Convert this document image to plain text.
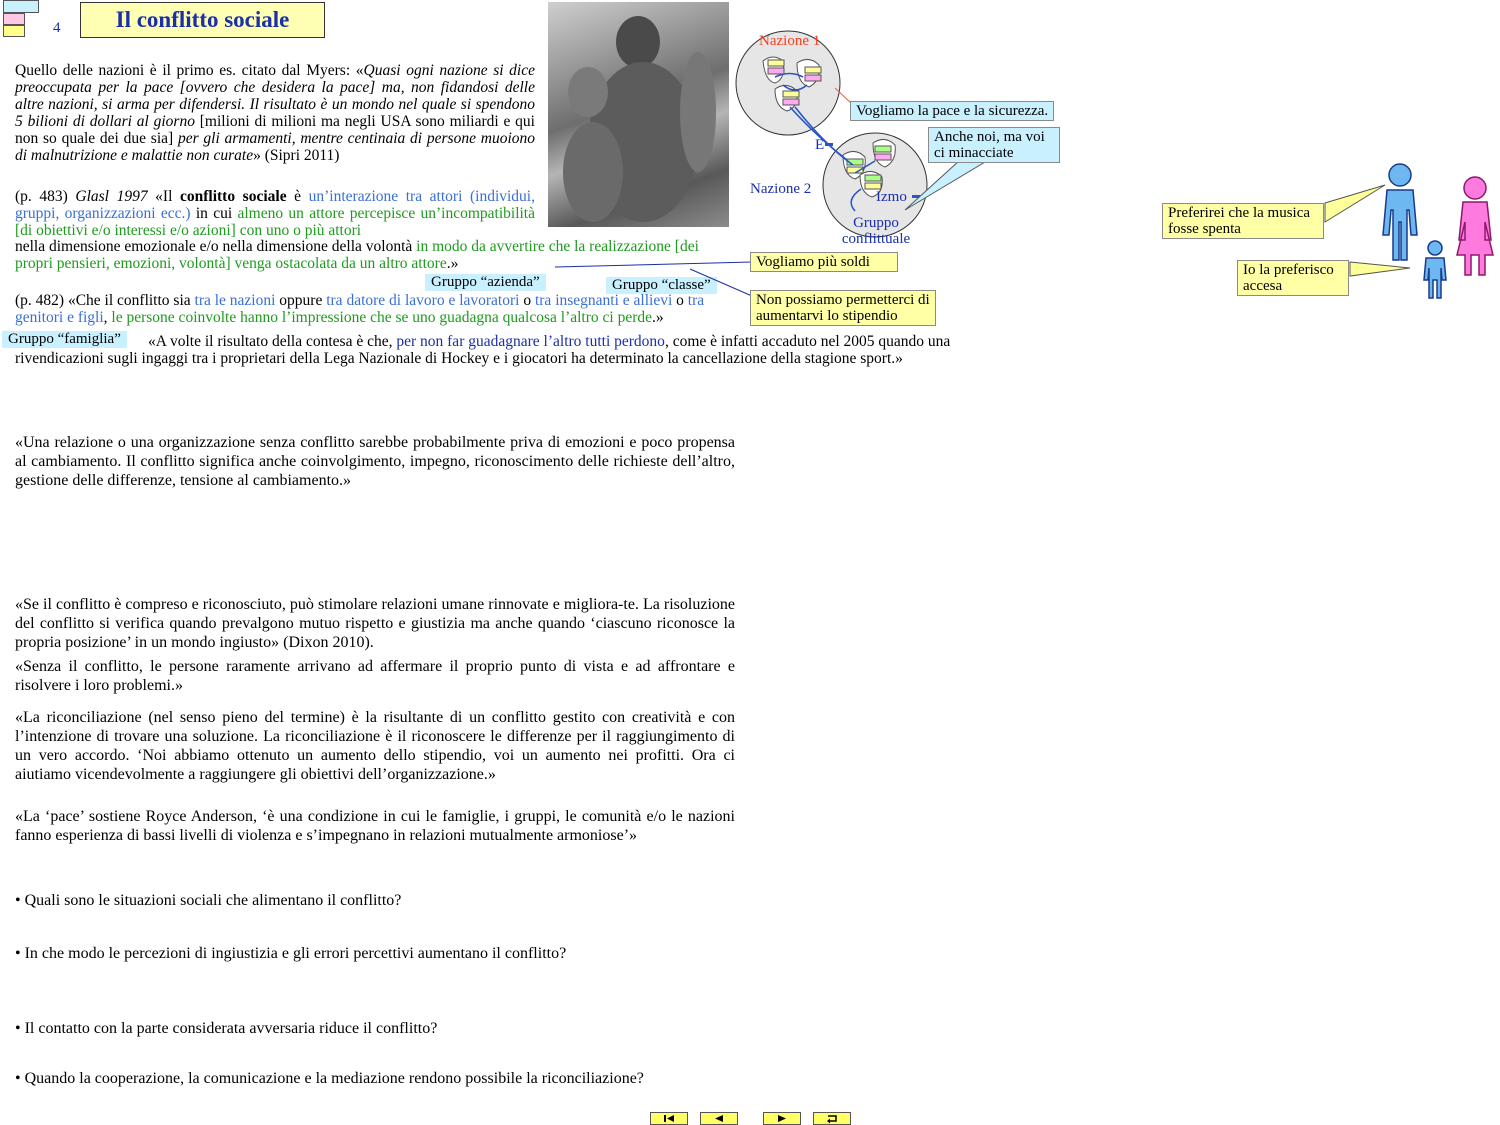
4	Il conflitto sociale
Quello delle nazioni è il primo es. citato dal Myers: «Quasi ogni nazione si dice preoccupata per la pace [ovvero che desidera la pace] ma, non fidandosi delle altre nazioni, si arma per difendersi. Il risultato è un mondo nel quale si spendono 5 bilioni di dollari al giorno [milioni di milioni ma negli USA sono miliardi e qui non so quale dei due sia] per gli armamenti, mentre centinaia di persone muoiono di malnutrizione e malattie non curate» (Sipri 2011)
(p. 483) Glasl 1997 «Il conflitto sociale è un’interazione tra attori (individui, gruppi, organizzazioni ecc.) in cui almeno un attore percepisce un’incompatibilità [di obiettivi e/o interessi e/o azioni] con uno o più attori
nella dimensione emozionale e/o nella dimensione della volontà in modo da avvertire che la realizzazione [dei propri pensieri, emozioni, volontà] venga ostacolata da un altro attore.»
Gruppo “azienda”	Gruppo “classe”
(p. 482) «Che il conflitto sia tra le nazioni oppure tra datore di lavoro e lavoratori o tra insegnanti e allievi o tra genitori e figli, le persone coinvolte hanno l’impressione che se uno guadagna qualcosa l’altro ci perde.»
Gruppo “famiglia”	«A volte il risultato della contesa è che, per non far guadagnare l’altro tutti perdono, come è infatti accaduto nel 2005 quando una rivendicazioni sugli ingaggi tra i proprietari della Lega Nazionale di Hockey e i giocatori ha determinato la cancellazione della stagione sport.»
Nazione 1
Nazione 2
E
Izmo
Gruppo conflittuale
Vogliamo la pace e la sicurezza.
Anche noi, ma voi ci minacciate
Vogliamo più soldi
Non possiamo permetterci di aumentarvi lo stipendio
Preferirei che la musica fosse spenta
Io la preferisco accesa
«Una relazione o una organizzazione senza conflitto sarebbe probabilmente priva di emozioni e poco propensa al cambiamento. Il conflitto significa anche coinvolgimento, impegno, riconoscimento delle richieste dell’altro, gestione delle differenze, tensione al cambiamento.»
«Se il conflitto è compreso e riconosciuto, può stimolare relazioni umane rinnovate e migliora-te. La risoluzione del conflitto si verifica quando prevalgono mutuo rispetto e giustizia ma anche quando ‘ciascuno riconosce la propria posizione’ in un mondo ingiusto» (Dixon 2010).
«Senza il conflitto, le persone raramente arrivano ad affermare il proprio punto di vista e ad affrontare e risolvere i loro problemi.»
«La riconciliazione (nel senso pieno del termine) è la risultante di un conflitto gestito con creatività e con l’intenzione di trovare una soluzione. La riconciliazione è il riconoscere le differenze per il raggiungimento di un vero accordo. ‘Noi abbiamo ottenuto un aumento dello stipendio, voi un aumento nei profitti. Ora ci aiutiamo vicendevolmente a raggiungere gli obiettivi dell’organizzazione.»
«La ‘pace’ sostiene Royce Anderson, ‘è una condizione in cui le famiglie, i gruppi, le comunità e/o le nazioni fanno esperienza di bassi livelli di violenza e s’impegnano in relazioni mutualmente armoniose’»
• Quali sono le situazioni sociali che alimentano il conflitto?
• In che modo le percezioni di ingiustizia e gli errori percettivi aumentano il conflitto?
• Il contatto con la parte considerata avversaria riduce il conflitto?
• Quando la cooperazione, la comunicazione e la mediazione rendono possibile la riconciliazione?
